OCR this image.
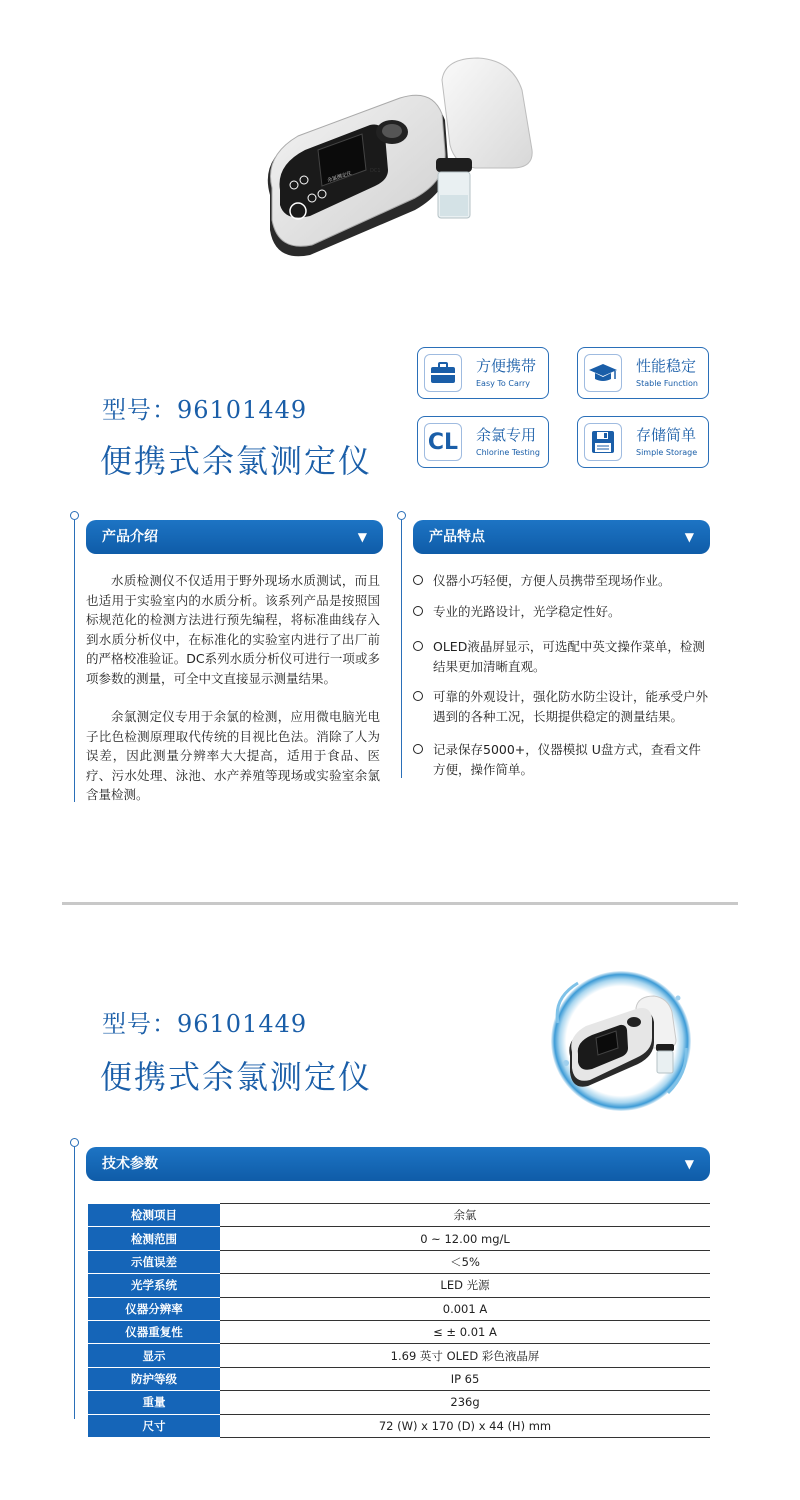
余氯测定仪	DC1
型号：96101449
便携式余氯测定仪
方便携带
Easy To Carry
性能稳定
Stable Function
CL 余氯专用
Chlorine Testing
存储简单
Simple Storage
产品介绍	▼

水质检测仪不仅适用于野外现场水质测试，而且也适用于实验室内的水质分析。该系列产品是按照国标规范化的检测方法进行预先编程，将标准曲线存入到水质分析仪中，在标准化的实验室内进行了出厂前的严格校准验证。DC系列水质分析仪可进行一项或多项参数的测量，可全中文直接显示测量结果。

余氯测定仪专用于余氯的检测，应用微电脑光电子比色检测原理取代传统的目视比色法。消除了人为误差，因此测量分辨率大大提高，适用于食品、医疗、污水处理、泳池、水产养殖等现场或实验室余氯含量检测。

产品特点	▼
仪器小巧轻便，方便人员携带至现场作业。
专业的光路设计，光学稳定性好。
OLED液晶屏显示，可选配中英文操作菜单，检测结果更加清晰直观。
可靠的外观设计，强化防水防尘设计，能承受户外遇到的各种工况，长期提供稳定的测量结果。
记录保存5000+，仪器模拟 U盘方式，查看文件方便，操作简单。
型号：96101449
便携式余氯测定仪
技术参数	▼
检测项目	余氯
检测范围	0 ~ 12.00 mg/L
示值误差	＜5%
光学系统	LED 光源
仪器分辨率	0.001 A
仪器重复性	≤ ± 0.01 A
显示	1.69 英寸 OLED 彩色液晶屏
防护等级	IP 65
重量	236g
尺寸	72 (W) x 170 (D) x 44 (H) mm
